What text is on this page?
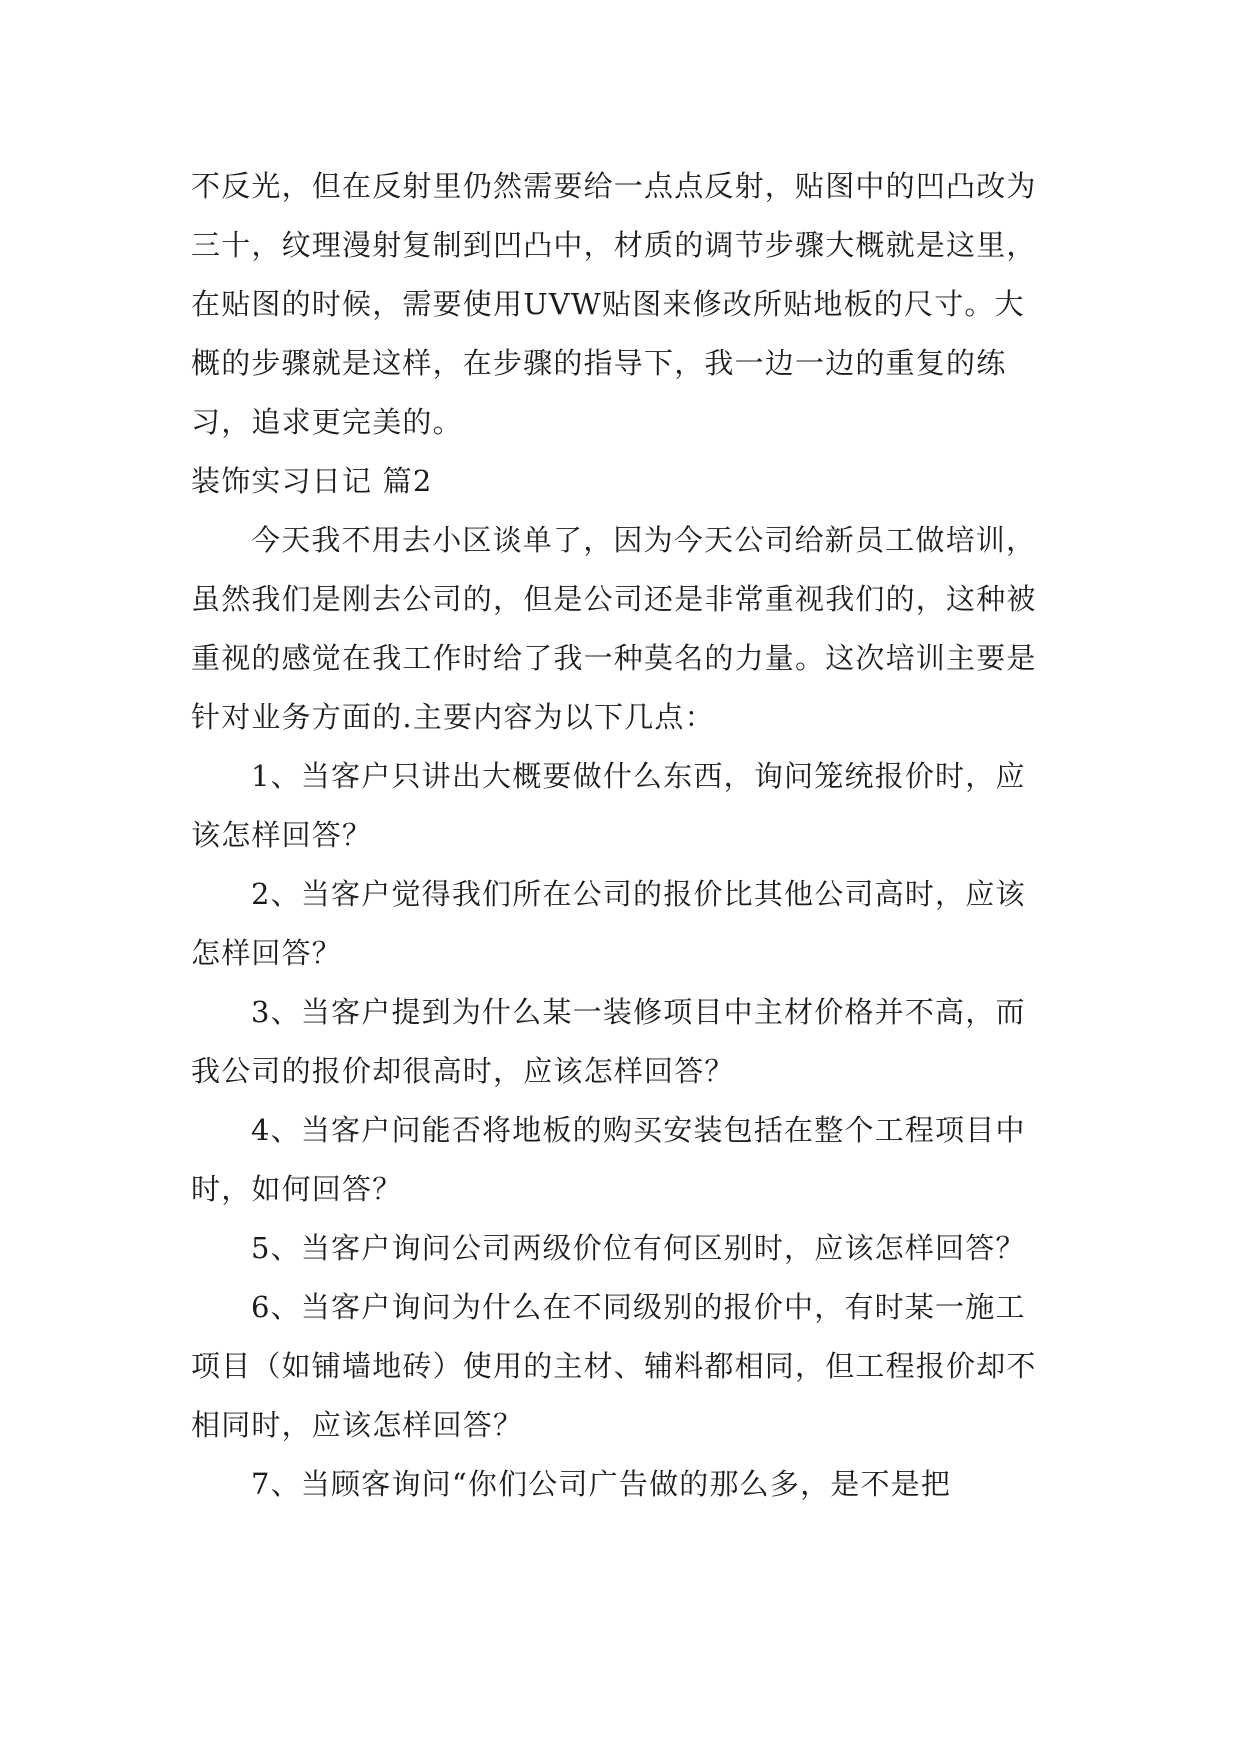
不反光，但在反射里仍然需要给一点点反射，贴图中的凹凸改为三十，纹理漫射复制到凹凸中，材质的调节步骤大概就是这里，在贴图的时候，需要使用UVW贴图来修改所贴地板的尺寸。大概的步骤就是这样，在步骤的指导下，我一边一边的重复的练习，追求更完美的。

装饰实习日记 篇2

今天我不用去小区谈单了，因为今天公司给新员工做培训，虽然我们是刚去公司的，但是公司还是非常重视我们的，这种被重视的感觉在我工作时给了我一种莫名的力量。这次培训主要是针对业务方面的.主要内容为以下几点：

1、当客户只讲出大概要做什么东西，询问笼统报价时，应该怎样回答？

2、当客户觉得我们所在公司的报价比其他公司高时，应该怎样回答？

3、当客户提到为什么某一装修项目中主材价格并不高，而我公司的报价却很高时，应该怎样回答？

4、当客户问能否将地板的购买安装包括在整个工程项目中时，如何回答？

5、当客户询问公司两级价位有何区别时，应该怎样回答？

6、当客户询问为什么在不同级别的报价中，有时某一施工项目（如铺墙地砖）使用的主材、辅料都相同，但工程报价却不相同时，应该怎样回答？

7、当顾客询问“你们公司广告做的那么多，是不是把
